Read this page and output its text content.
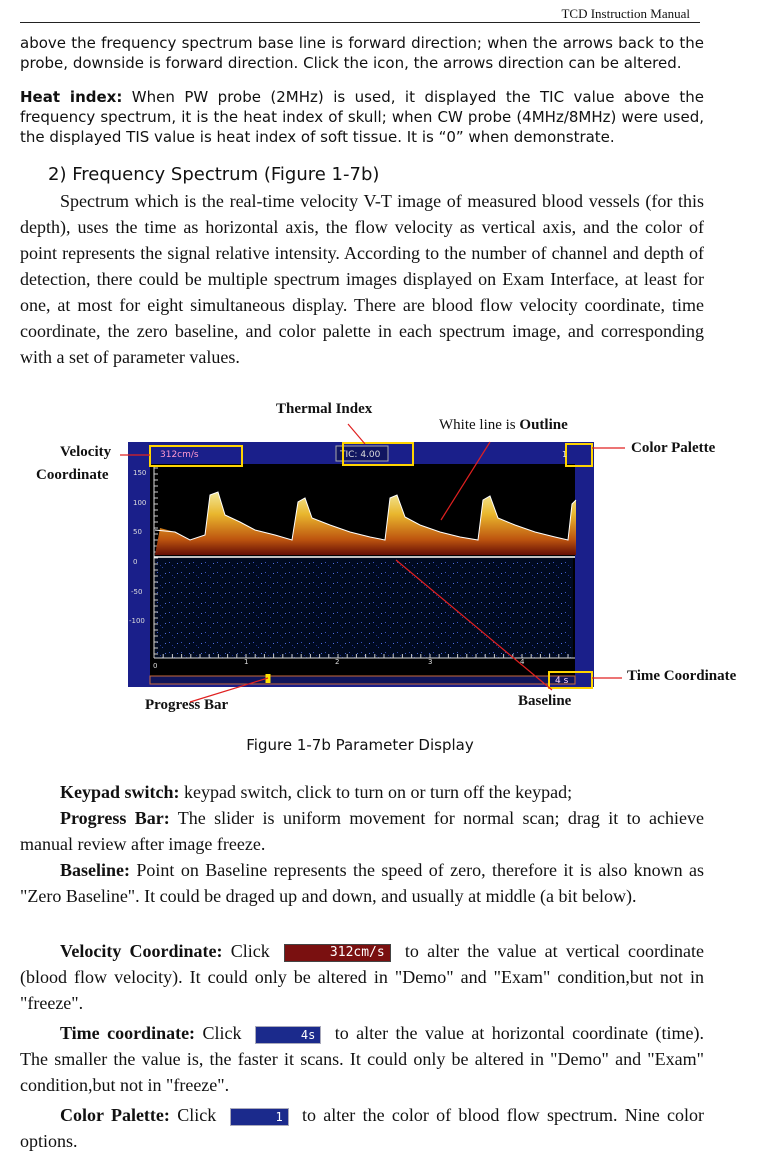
TCD Instruction Manual

above the frequency spectrum base line is forward direction; when the arrows back to the probe, downside is forward direction. Click the icon, the arrows direction can be altered.

Heat index: When PW probe (2MHz) is used, it displayed the TIC value above the frequency spectrum, it is the heat index of skull; when CW probe (4MHz/8MHz) were used, the displayed TIS value is heat index of soft tissue. It is “0” when demonstrate.

2) Frequency Spectrum (Figure 1-7b)

Spectrum which is the real-time velocity V-T image of measured blood vessels (for this depth), uses the time as horizontal axis, the flow velocity as vertical axis, and the color of point represents the signal relative intensity. According to the number of channel and depth of detection, there could be multiple spectrum images displayed on Exam Interface, at least for one, at most for eight simultaneous display. There are blood flow velocity coordinate, time coordinate, the zero baseline, and color palette in each spectrum image, and corresponding with a set of parameter values.

Velocity
Coordinate
Thermal Index
White line is Outline
Color Palette
Time Coordinate
Progress Bar	Baseline
150
100
50
0
-50
-100
0	1	2	3	4
312cm/s	TIC: 4.00	1
4 s
Figure 1-7b Parameter Display

Keypad switch: keypad switch, click to turn on or turn off the keypad;

Progress Bar: The slider is uniform movement for normal scan; drag it to achieve manual review after image freeze.

Baseline: Point on Baseline represents the speed of zero, therefore it is also known as "Zero Baseline". It could be draged up and down, and usually at middle (a bit below).

Velocity Coordinate: Click	312cm/s to alter the value at vertical coordinate (blood flow velocity). It could only be altered in "Demo" and "Exam" condition,but not in "freeze".

Time coordinate: Click	4s to alter the value at horizontal coordinate (time). The smaller the value is, the faster it scans. It could only be altered in "Demo" and "Exam" condition,but not in "freeze".

Color Palette: Click	1 to alter the color of blood flow spectrum. Nine color options.
